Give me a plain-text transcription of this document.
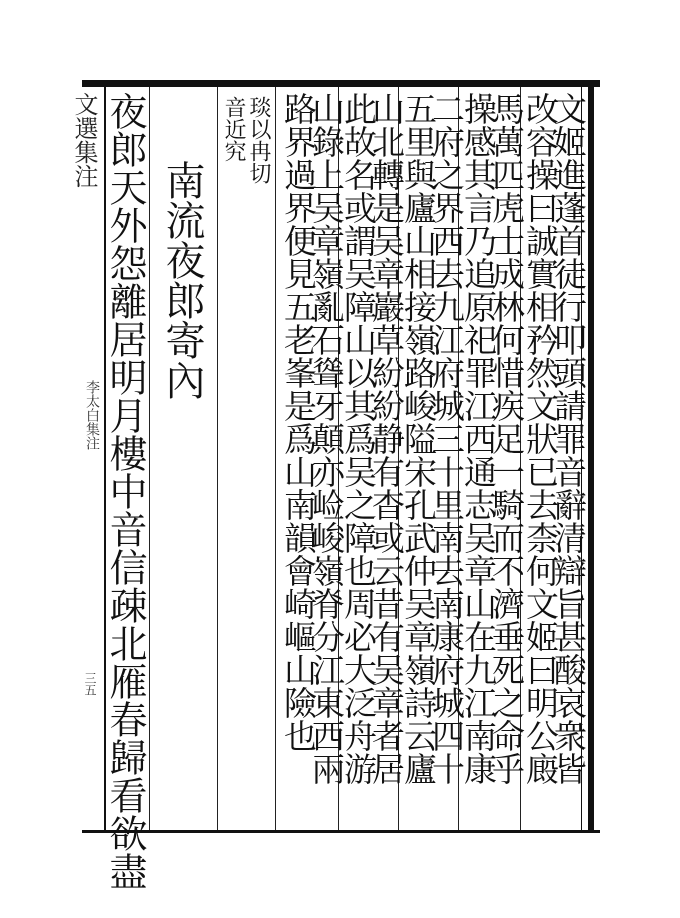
文選集注
李太白集注
三五 夜郎天外怨離居明月樓中音信疎北雁春歸看欲盡 南流夜郎寄內
音近究 琰以冉切 路界過界便見五老峯是爲山南韻會崎嶇山險也
山錄上吴章嶺亂石聳牙顛亦崄峻嶺脊分江東西兩
此故名或謂吴障山以其爲吴之障也周必大泛舟游
山北轉是吴章巖草紛紛静有杳或云昔有吴章者居
五里與廬山相接嶺路峻隘宋孔武仲吴章嶺詩云廬
二府之界西去九江府城三十里南去南康府城四十
操感其言乃追原祀罪江西通志吴章山在九江南康
馬萬匹虎士成林何惜疾足一騎而不濟垂死之命乎
改容操曰誠實相矜然文狀已去柰何文姬曰明公廄
文姬進蓬首徒行叩頭請罪音辭清辯旨甚酸哀衆皆
